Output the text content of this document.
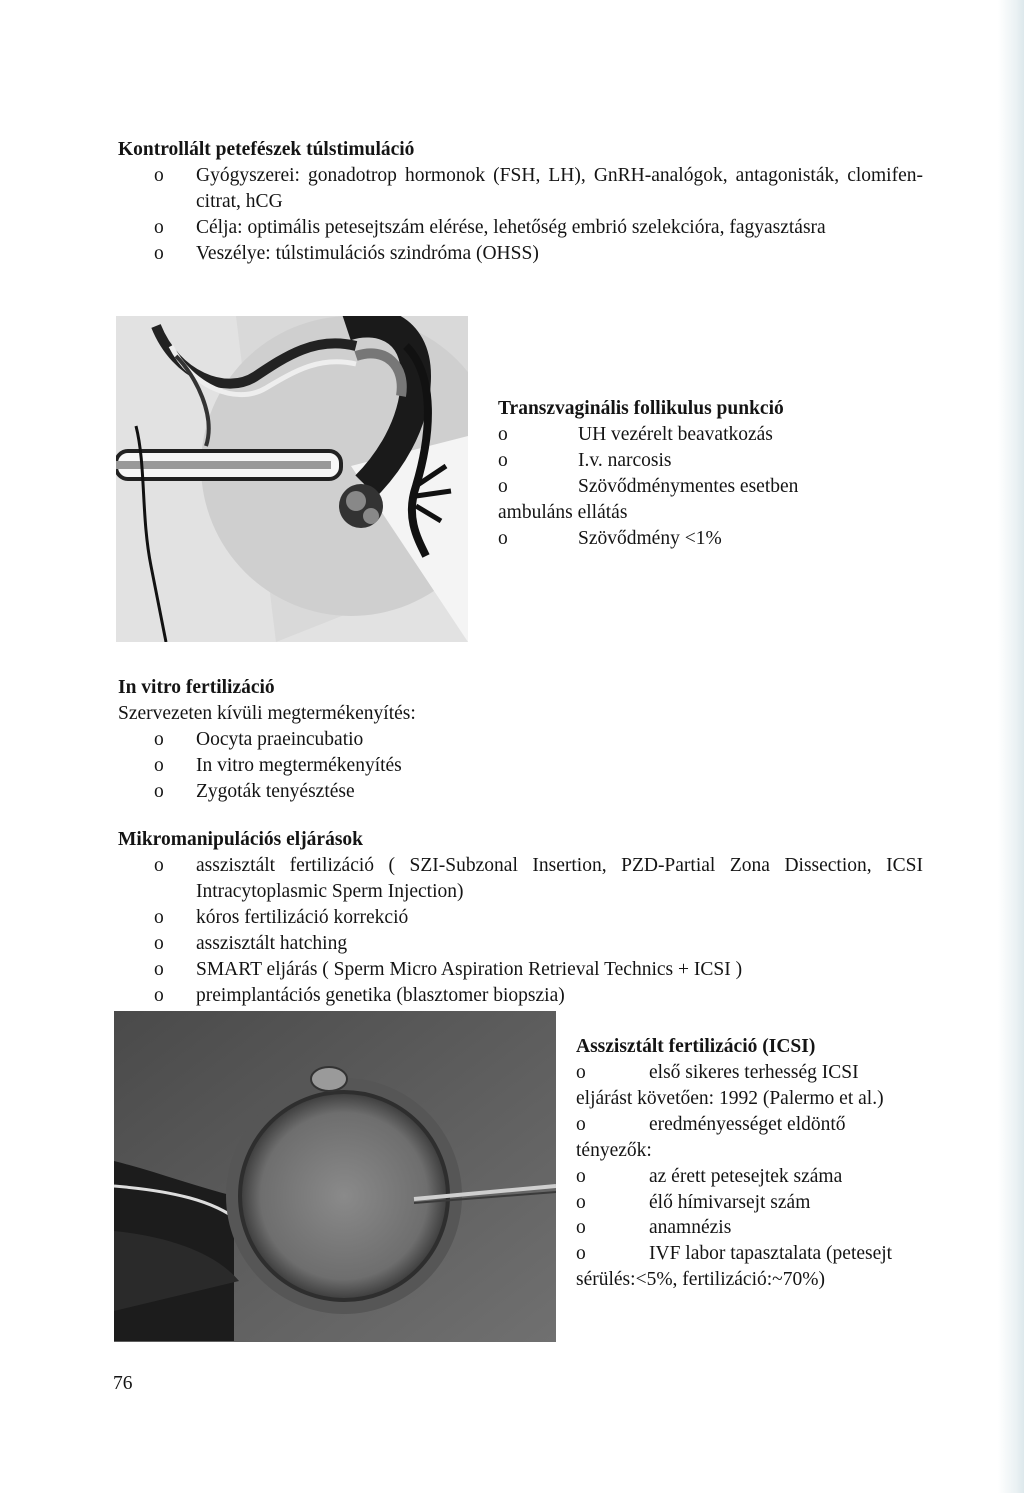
Kontrollált petefészek túlstimuláció

o Gyógyszerei: gonadotrop hormonok (FSH, LH), GnRH-analógok, antagonisták, clomifen-citrat, hCG
o Célja: optimális petesejtszám elérése, lehetőség embrió szelekcióra, fagyasztásra
o Veszélye: túlstimulációs szindróma (OHSS)

Transzvaginális follikulus punkció

o	UH vezérelt beavatkozás
o	I.v. narcosis
o	Szövődménymentes esetben ambuláns ellátás
o	Szövődmény <1%

In vitro fertilizáció

Szervezeten kívüli megtermékenyítés:

o Oocyta praeincubatio
o In vitro megtermékenyítés
o Zygoták tenyésztése

Mikromanipulációs eljárások

o asszisztált fertilizáció ( SZI-Subzonal Insertion, PZD-Partial Zona Dissection, ICSI Intracytoplasmic Sperm Injection)
o kóros fertilizáció korrekció
o asszisztált hatching
o SMART eljárás ( Sperm Micro Aspiration Retrieval Technics + ICSI )
o preimplantációs genetika (blasztomer biopszia)

Asszisztált fertilizáció (ICSI)

o	első sikeres terhesség ICSI eljárást követően: 1992 (Palermo et al.)
o	eredményességet eldöntő tényezők:
o	az érett petesejtek száma
o	élő hímivarsejt szám
o	anamnézis
o	IVF labor tapasztalata (petesejt sérülés:<5%, fertilizáció:~70%)
76
